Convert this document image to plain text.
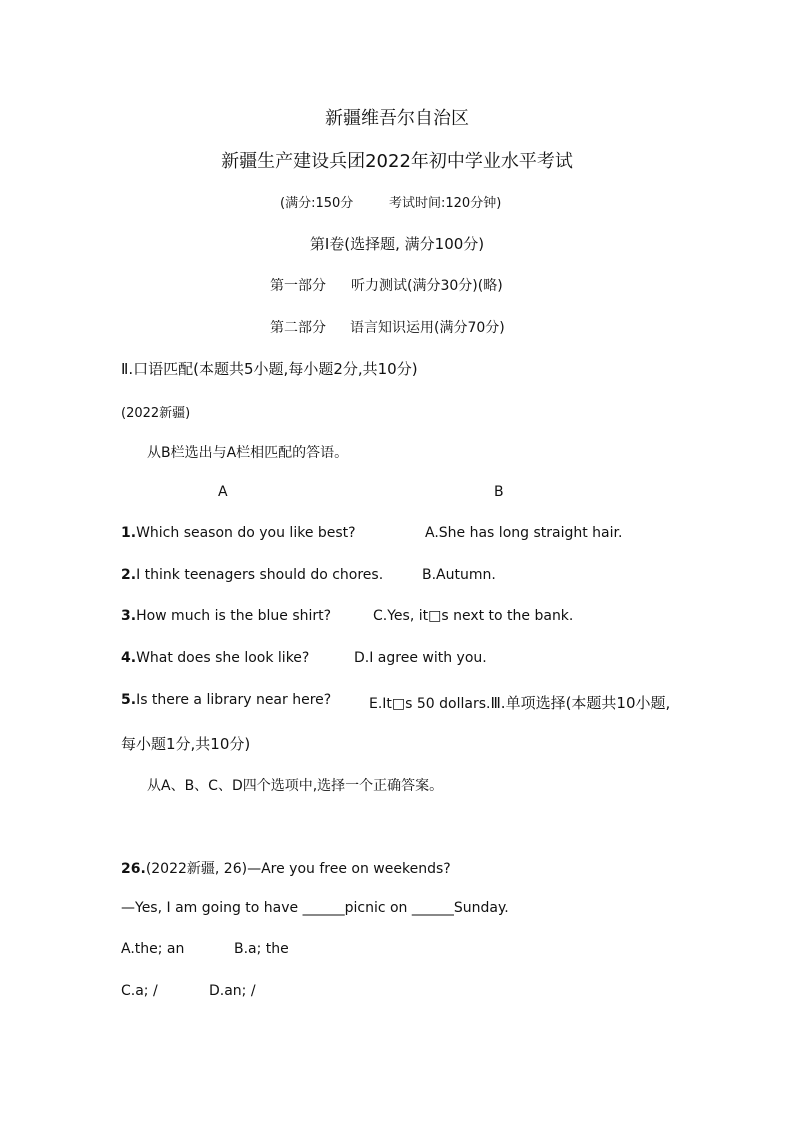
新疆维吾尔自治区
新疆生产建设兵团2022年初中学业水平考试
(满分:150分	考试时间:120分钟)
第Ⅰ卷(选择题, 满分100分)
第一部分 听力测试(满分30分)(略)
第二部分 语言知识运用(满分70分)
Ⅱ.口语匹配(本题共5小题,每小题2分,共10分)
(2022新疆)
从B栏选出与A栏相匹配的答语。
A	B
1.Which season do you like best?	A.She has long straight hair.
2.I think teenagers should do chores.	B.Autumn.
3.How much is the blue shirt?	C.Yes, it□s next to the bank.
4.What does she look like?	D.I agree with you.
5.Is there a library near here?	E.It□s 50 dollars.Ⅲ.单项选择(本题共10小题,
每小题1分,共10分)
从A、B、C、D四个选项中,选择一个正确答案。
26.(2022新疆, 26)—Are you free on weekends?
—Yes, I am going to have ______picnic on ______Sunday.
A.the; an	B.a; the
C.a; /	D.an; /
